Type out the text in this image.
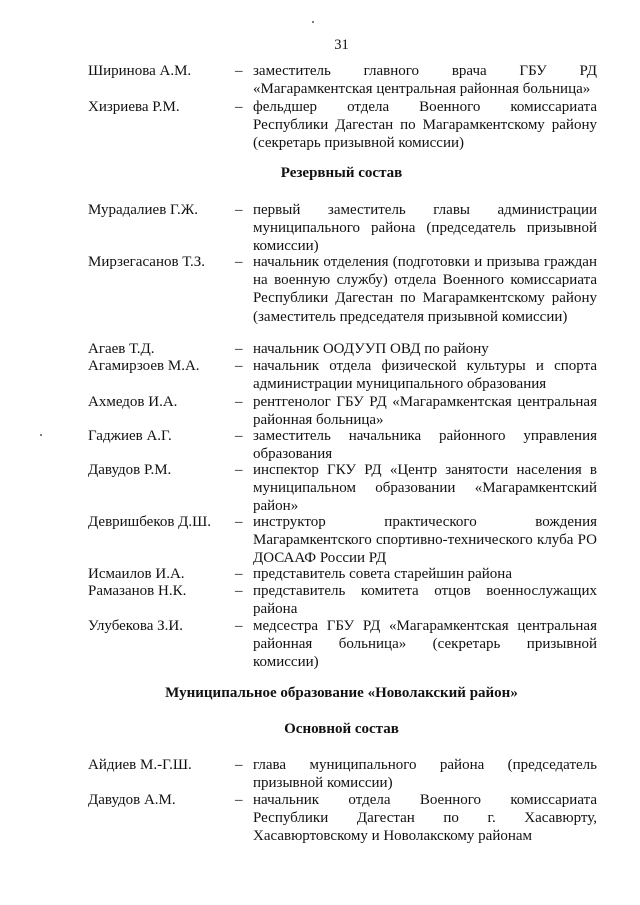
31
Ширинова А.М.	– заместитель главного врача ГБУ РД «Магарамкентская центральная районная больница»
Хизриева Р.М.	– фельдшер отдела Военного комиссариата Республики Дагестан по Магарамкентскому району (секретарь призывной комиссии)
Резервный состав
Мурадалиев Г.Ж. – первый заместитель главы администрации муниципального района (председатель призывной комиссии)
Мирзегасанов Т.З. – начальник отделения (подготовки и призыва граждан на военную службу) отдела Военного комиссариата Республики Дагестан по Магарамкентскому району (заместитель председателя призывной комиссии)
Агаев Т.Д.	– начальник ООДУУП ОВД по району
Агамирзоев М.А. – начальник отдела физической культуры и спорта администрации муниципального образования
Ахмедов И.А.	– рентгенолог ГБУ РД «Магарамкентская центральная районная больница»
Гаджиев А.Г.	– заместитель начальника районного управления образования
Давудов Р.М.	– инспектор ГКУ РД «Центр занятости населения в муниципальном образовании «Магарамкентский район»
Девришбеков Д.Ш. – инструктор практического вождения Магарамкентского спортивно-технического клуба РО ДОСААФ России РД
Исмаилов И.А.	– представитель совета старейшин района
Рамазанов Н.К.	– представитель комитета отцов военнослужащих района
Улубекова З.И.	– медсестра ГБУ РД «Магарамкентская центральная районная больница» (секретарь призывной комиссии)
Муниципальное образование «Новолакский район»
Основной состав
Айдиев М.-Г.Ш.	– глава муниципального района (председатель призывной комиссии)
Давудов А.М.	– начальник отдела Военного комиссариата Республики Дагестан по г. Хасавюрту, Хасавюртовскому и Новолакскому районам
